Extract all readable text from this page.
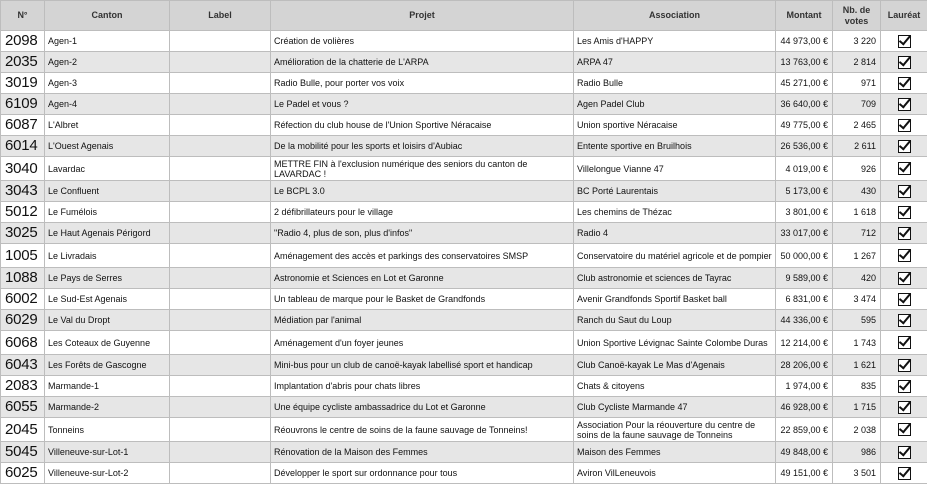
N°	Canton	Label	Projet	Association	Montant	Nb. de votes	Lauréat
2098	Agen-1		Création de volières	Les Amis d'HAPPY	44 973,00 €	3 220	
2035	Agen-2		Amélioration de la chatterie de L'ARPA	ARPA 47	13 763,00 €	2 814	
3019	Agen-3		Radio Bulle, pour porter vos voix	Radio Bulle	45 271,00 €	971	
6109	Agen-4		Le Padel et vous ?	Agen Padel Club	36 640,00 €	709	
6087	L'Albret		Réfection du club house de l'Union Sportive Néracaise	Union sportive Néracaise	49 775,00 €	2 465	
6014	L'Ouest Agenais		De la mobilité pour les sports et loisirs d'Aubiac	Entente sportive en Bruilhois	26 536,00 €	2 611	
3040	Lavardac		METTRE FIN à l'exclusion numérique des seniors du canton de LAVARDAC !	Villelongue Vianne 47	4 019,00 €	926	
3043	Le Confluent		Le BCPL 3.0	BC Porté Laurentais	5 173,00 €	430	
5012	Le Fumélois		2 défibrillateurs pour le village	Les chemins de Thézac	3 801,00 €	1 618	
3025	Le Haut Agenais Périgord		"Radio 4, plus de son, plus d'infos"	Radio 4	33 017,00 €	712	
1005	Le Livradais		Aménagement des accès et parkings des conservatoires SMSP	Conservatoire du matériel agricole et de pompier	50 000,00 €	1 267	
1088	Le Pays de Serres		Astronomie et Sciences en Lot et Garonne	Club astronomie et sciences de Tayrac	9 589,00 €	420	
6002	Le Sud-Est Agenais		Un tableau de marque pour le Basket de Grandfonds	Avenir Grandfonds Sportif Basket ball	6 831,00 €	3 474	
6029	Le Val du Dropt		Médiation par l'animal	Ranch du Saut du Loup	44 336,00 €	595	
6068	Les Coteaux de Guyenne		Aménagement d'un foyer jeunes	Union Sportive Lévignac Sainte Colombe Duras	12 214,00 €	1 743	
6043	Les Forêts de Gascogne		Mini-bus pour un club de canoë-kayak labellisé sport et handicap	Club Canoë-kayak Le Mas d'Agenais	28 206,00 €	1 621	
2083	Marmande-1		Implantation d'abris pour chats libres	Chats & citoyens	1 974,00 €	835	
6055	Marmande-2		Une équipe cycliste ambassadrice du Lot et Garonne	Club Cycliste Marmande 47	46 928,00 €	1 715	
2045	Tonneins		Réouvrons le centre de soins de la faune sauvage de Tonneins!	Association Pour la réouverture du centre de soins de la faune sauvage de Tonneins	22 859,00 €	2 038	
5045	Villeneuve-sur-Lot-1		Rénovation de la Maison des Femmes	Maison des Femmes	49 848,00 €	986	
6025	Villeneuve-sur-Lot-2		Développer le sport sur ordonnance pour tous	Aviron VilLeneuvois	49 151,00 €	3 501	
